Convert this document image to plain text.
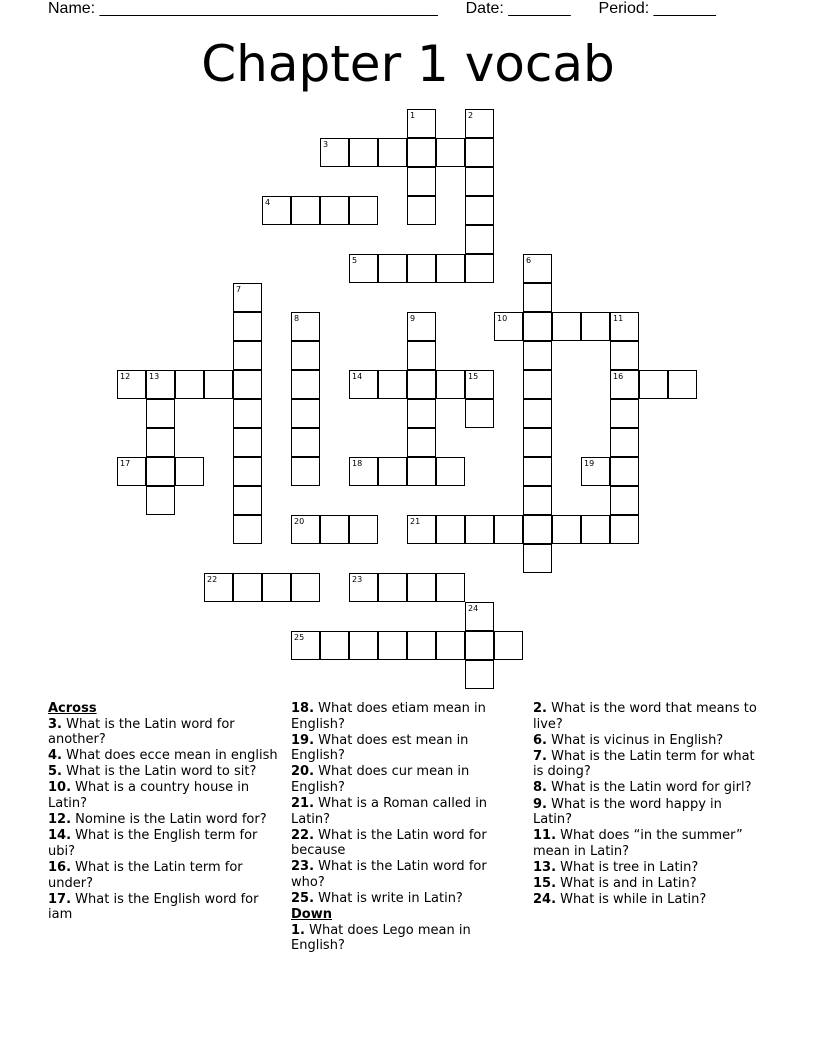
Name: ______________________________________ Date: _______ Period: _______
Chapter 1 vocab
3
4
5
10	11
12 13	14	15	16
17	18	19
20	21
22	23
25
1	2
6
7
8	9
24
Across
3. What is the Latin word for another?
4. What does ecce mean in english
5. What is the Latin word to sit?
10. What is a country house in Latin?
12. Nomine is the Latin word for?
14. What is the English term for ubi?
16. What is the Latin term for under?
17. What is the English word for iam
18. What does etiam mean in English?
19. What does est mean in English?
20. What does cur mean in English?
21. What is a Roman called in Latin?
22. What is the Latin word for because
23. What is the Latin word for who?
25. What is write in Latin?
Down
1. What does Lego mean in English?
2. What is the word that means to live?
6. What is vicinus in English?
7. What is the Latin term for what is doing?
8. What is the Latin word for girl?
9. What is the word happy in Latin?
11. What does “in the summer” mean in Latin?
13. What is tree in Latin?
15. What is and in Latin?
24. What is while in Latin?
